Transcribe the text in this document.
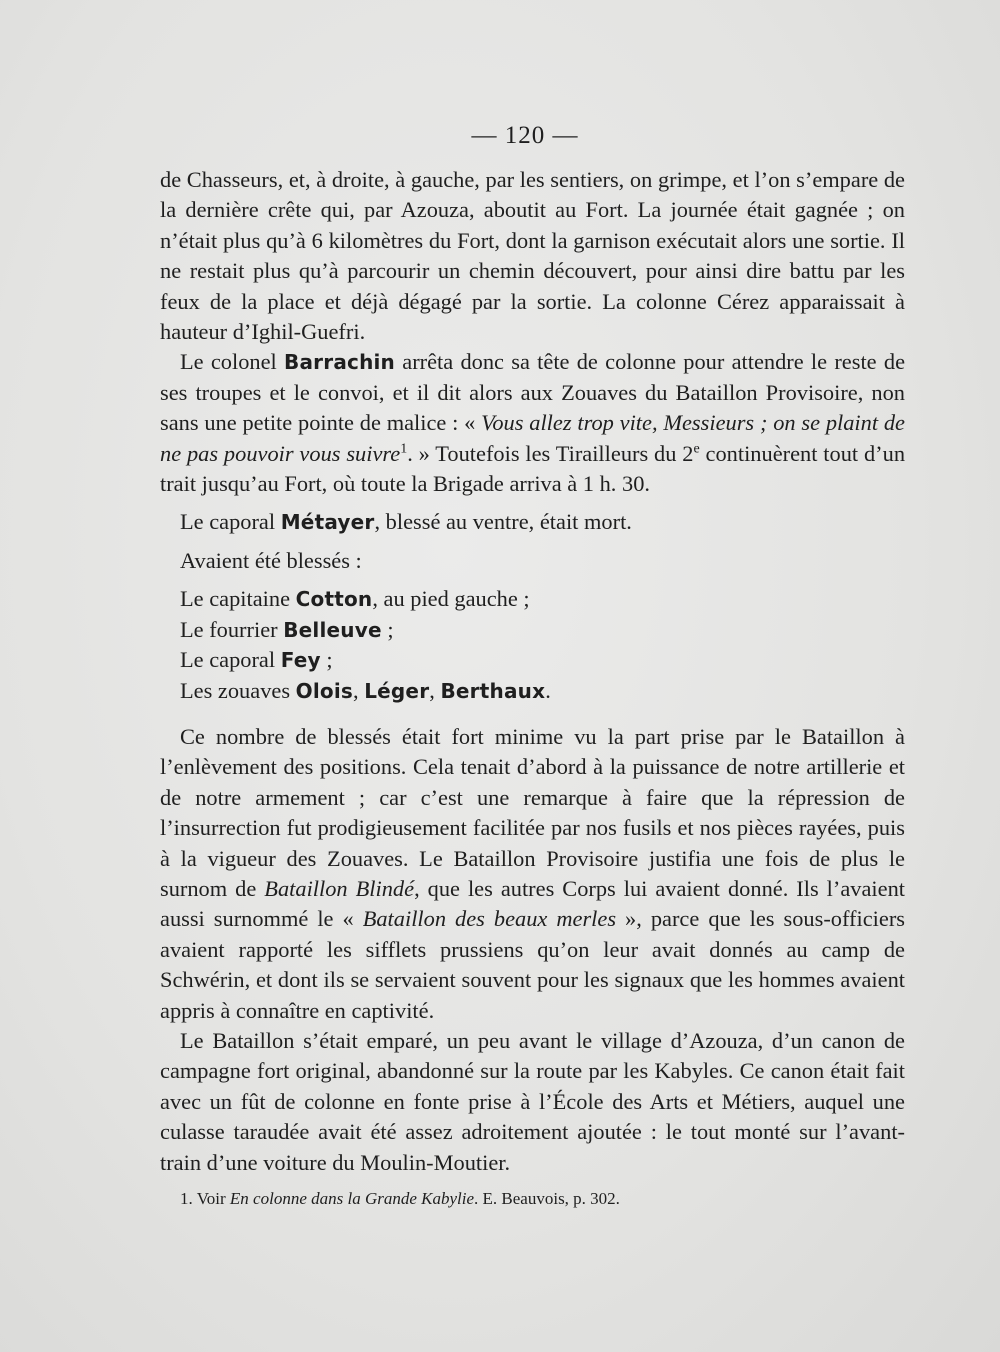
— 120 —

de Chasseurs, et, à droite, à gauche, par les sentiers, on grimpe, et l’on s’empare de la dernière crête qui, par Azouza, aboutit au Fort. La journée était gagnée ; on n’était plus qu’à 6 kilomètres du Fort, dont la garnison exécutait alors une sortie. Il ne restait plus qu’à parcourir un chemin découvert, pour ainsi dire battu par les feux de la place et déjà dégagé par la sortie. La colonne Cérez apparaissait à hauteur d’Ighil-Guefri.

Le colonel Barrachin arrêta donc sa tête de colonne pour attendre le reste de ses troupes et le convoi, et il dit alors aux Zouaves du Bataillon Provisoire, non sans une petite pointe de malice : « Vous allez trop vite, Messieurs ; on se plaint de ne pas pouvoir vous suivre$^1$. » Toutefois les Tirailleurs du 2e continuèrent tout d’un trait jusqu’au Fort, où toute la Brigade arriva à 1 h. 30.

Le caporal Métayer, blessé au ventre, était mort.

Avaient été blessés :

Le capitaine Cotton, au pied gauche ;

Le fourrier Belleuve ;

Le caporal Fey ;

Les zouaves Olois, Léger, Berthaux.

Ce nombre de blessés était fort minime vu la part prise par le Bataillon à l’enlèvement des positions. Cela tenait d’abord à la puissance de notre artillerie et de notre armement ; car c’est une remarque à faire que la répression de l’insurrection fut prodigieusement facilitée par nos fusils et nos pièces rayées, puis à la vigueur des Zouaves. Le Bataillon Provisoire justifia une fois de plus le surnom de Bataillon Blindé, que les autres Corps lui avaient donné. Ils l’avaient aussi surnommé le « Bataillon des beaux merles », parce que les sous-officiers avaient rapporté les sifflets prussiens qu’on leur avait donnés au camp de Schwérin, et dont ils se servaient souvent pour les signaux que les hommes avaient appris à connaître en captivité.

Le Bataillon s’était emparé, un peu avant le village d’Azouza, d’un canon de campagne fort original, abandonné sur la route par les Kabyles. Ce canon était fait avec un fût de colonne en fonte prise à l’École des Arts et Métiers, auquel une culasse taraudée avait été assez adroitement ajoutée : le tout monté sur l’avant-train d’une voiture du Moulin-Moutier.

1. Voir En colonne dans la Grande Kabylie. E. Beauvois, p. 302.
